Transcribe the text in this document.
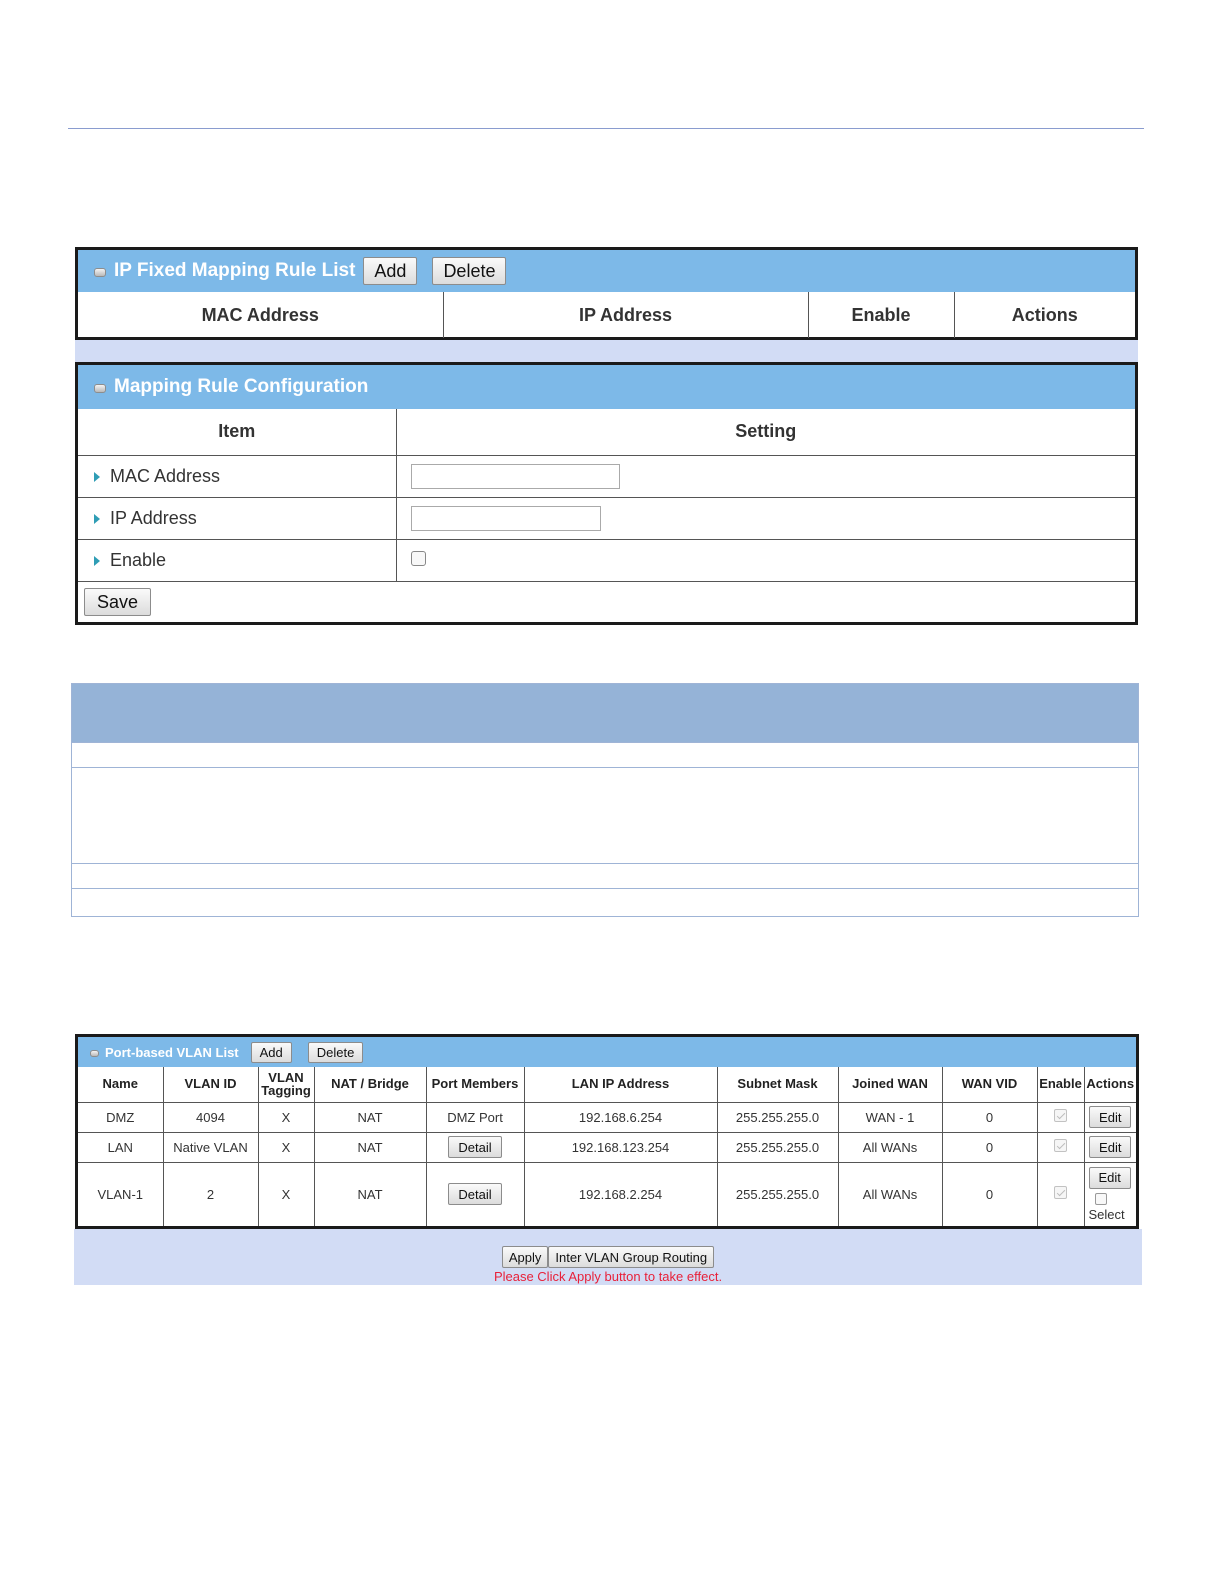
IP Fixed Mapping Rule List	Add	Delete
MAC Address	IP Address	Enable	Actions
Mapping Rule Configuration
Item	Setting
MAC Address	

IP Address	

Enable	
Save	
Port-based VLAN List	Add	Delete
Name	VLAN ID	VLAN Tagging	NAT / Bridge	Port Members	LAN IP Address	Subnet Mask	Joined WAN	WAN VID	Enable	Actions
DMZ	4094	X	NAT	DMZ Port	192.168.6.254	255.255.255.0	WAN - 1	0		Edit
LAN	Native VLAN	X	NAT	Detail	192.168.123.254	255.255.255.0	All WANs	0		Edit
VLAN-1	2	X	NAT	Detail	192.168.2.254	255.255.255.0	All WANs	0		Edit
Select
Apply	Inter VLAN Group Routing
Please Click Apply button to take effect.
